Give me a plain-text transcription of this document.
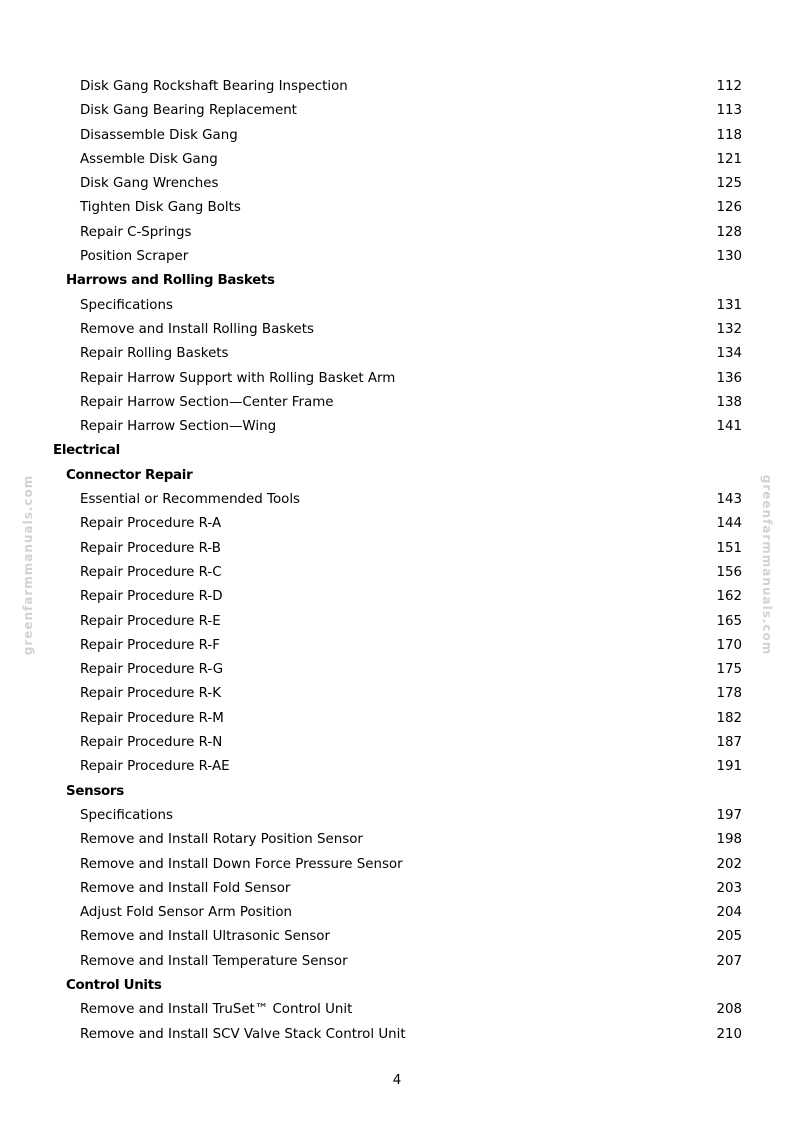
Disk Gang Rockshaft Bearing Inspection	112
Disk Gang Bearing Replacement	113
Disassemble Disk Gang	118
Assemble Disk Gang	121
Disk Gang Wrenches	125
Tighten Disk Gang Bolts	126
Repair C-Springs	128
Position Scraper	130
Harrows and Rolling Baskets
Specifications	131
Remove and Install Rolling Baskets	132
Repair Rolling Baskets	134
Repair Harrow Support with Rolling Basket Arm	136
Repair Harrow Section—Center Frame	138
Repair Harrow Section—Wing	141
Electrical
Connector Repair
Essential or Recommended Tools	143
Repair Procedure R-A	144
Repair Procedure R-B	151
Repair Procedure R-C	156
Repair Procedure R-D	162
Repair Procedure R-E	165
Repair Procedure R-F	170
Repair Procedure R-G	175
Repair Procedure R-K	178
Repair Procedure R-M	182
Repair Procedure R-N	187
Repair Procedure R-AE	191
Sensors
Specifications	197
Remove and Install Rotary Position Sensor	198
Remove and Install Down Force Pressure Sensor	202
Remove and Install Fold Sensor	203
Adjust Fold Sensor Arm Position	204
Remove and Install Ultrasonic Sensor	205
Remove and Install Temperature Sensor	207
Control Units
Remove and Install TruSet™ Control Unit	208
Remove and Install SCV Valve Stack Control Unit	210
greenfarmmanuals.com	greenfarmmanuals.com
4
